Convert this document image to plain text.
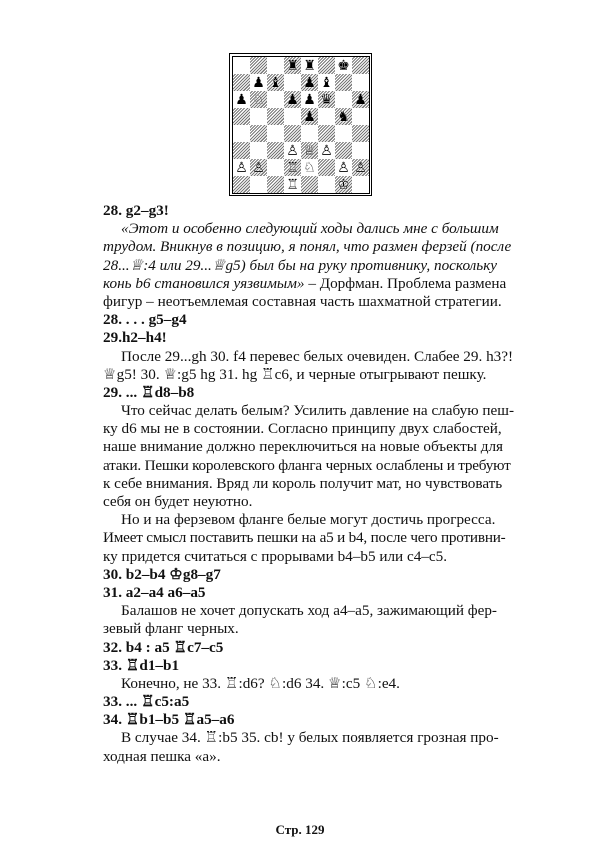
♜ ♜ ♚
♟ ♝ ♟ ♝
♟ ♘ ♟ ♟ ♛ ♟
♟ ♞
♙ ♕ ♙
♙ ♙ ♖ ♘ ♙ ♙
♖	♔
28. g2–g3!
«Этот и особенно следующий ходы дались мне с большим
трудом. Вникнув в позицию, я понял, что размен ферзей (после
28...♕:4 или 29...♕g5) был бы на руку противнику, поскольку
конь b6 становился уязвимым» – Дорфман. Проблема размена
фигур – неотъемлемая составная часть шахматной стратегии.
28. . . . g5–g4
29.h2–h4!
После 29...gh 30. f4 перевес белых очевиден. Слабее 29. h3?!
♕g5! 30. ♕:g5 hg 31. hg ♖c6, и черные отыгрывают пешку.
29. ... ♖d8–b8
Что сейчас делать белым? Усилить давление на слабую пеш-
ку d6 мы не в состоянии. Согласно принципу двух слабостей,
наше внимание должно переключиться на новые объекты для
атаки. Пешки королевского фланга черных ослаблены и требуют
к себе внимания. Вряд ли король получит мат, но чувствовать
себя он будет неуютно.
Но и на ферзевом фланге белые могут достичь прогресса.
Имеет смысл поставить пешки на а5 и b4, после чего противни-
ку придется считаться с прорывами b4–b5 или c4–c5.
30. b2–b4 ♔g8–g7
31. a2–a4 a6–a5
Балашов не хочет допускать ход а4–а5, зажимающий фер-
зевый фланг черных.
32. b4 : a5 ♖c7–c5
33. ♖d1–b1
Конечно, не 33. ♖:d6? ♘:d6 34. ♕:c5 ♘:e4.
33. ... ♖c5:a5
34. ♖b1–b5 ♖a5–a6
В случае 34. ♖:b5 35. cb! у белых появляется грозная про-
ходная пешка «а».
Стр. 129
